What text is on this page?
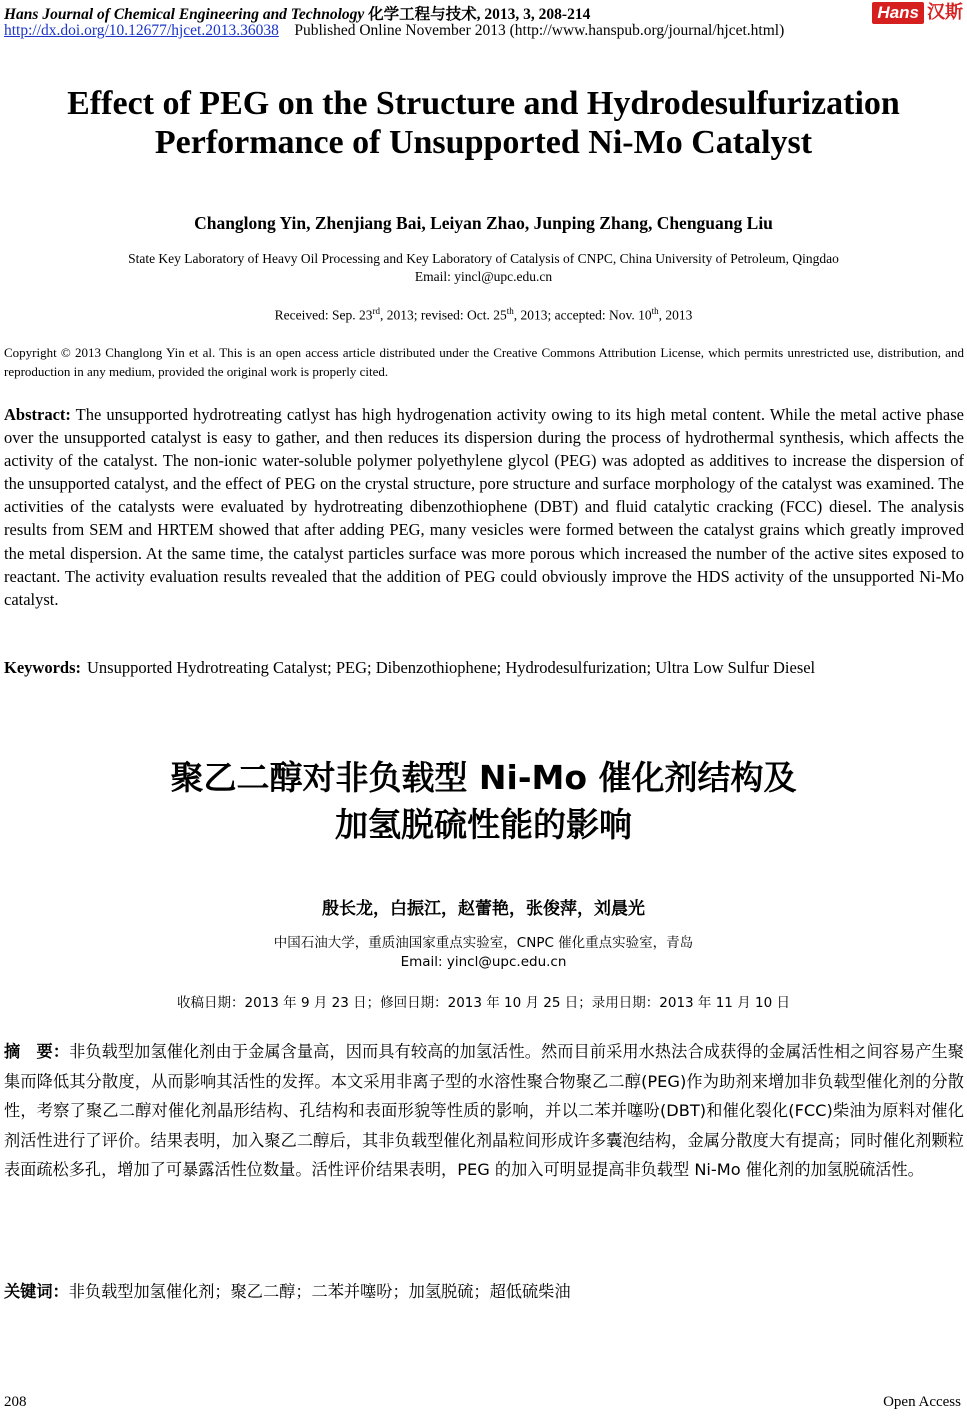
Hans Journal of Chemical Engineering and Technology 化学工程与技术, 2013, 3, 208-214
http://dx.doi.org/10.12677/hjcet.2013.36038 Published Online November 2013 (http://www.hanspub.org/journal/hjcet.html)
Hans 汉斯
Effect of PEG on the Structure and Hydrodesulfurization
Performance of Unsupported Ni-Mo Catalyst
Changlong Yin, Zhenjiang Bai, Leiyan Zhao, Junping Zhang, Chenguang Liu
State Key Laboratory of Heavy Oil Processing and Key Laboratory of Catalysis of CNPC, China University of Petroleum, Qingdao
Email: yincl@upc.edu.cn
Received: Sep. 23rd, 2013; revised: Oct. 25th, 2013; accepted: Nov. 10th, 2013
Copyright © 2013 Changlong Yin et al. This is an open access article distributed under the Creative Commons Attribution License, which permits unrestricted use, distribution, and reproduction in any medium, provided the original work is properly cited.
Abstract: The unsupported hydrotreating catlyst has high hydrogenation activity owing to its high metal content. While the metal active phase over the unsupported catalyst is easy to gather, and then reduces its dispersion during the process of hydrothermal synthesis, which affects the activity of the catalyst. The non-ionic water-soluble polymer polyethylene glycol (PEG) was adopted as additives to increase the dispersion of the unsupported catalyst, and the effect of PEG on the crystal structure, pore structure and surface morphology of the catalyst was examined. The activities of the catalysts were evaluated by hydrotreating dibenzothiophene (DBT) and fluid catalytic cracking (FCC) diesel. The analysis results from SEM and HRTEM showed that after adding PEG, many vesicles were formed between the catalyst grains which greatly improved the metal dispersion. At the same time, the catalyst particles surface was more porous which increased the number of the active sites exposed to reactant. The activity evaluation results revealed that the addition of PEG could obviously improve the HDS activity of the unsupported Ni-Mo catalyst.
Keywords: Unsupported Hydrotreating Catalyst; PEG; Dibenzothiophene; Hydrodesulfurization; Ultra Low Sulfur Diesel
聚乙二醇对非负载型 Ni-Mo 催化剂结构及
加氢脱硫性能的影响
殷长龙，白振江，赵蕾艳，张俊萍，刘晨光
中国石油大学，重质油国家重点实验室，CNPC 催化重点实验室，青岛
Email: yincl@upc.edu.cn
收稿日期：2013 年 9 月 23 日；修回日期：2013 年 10 月 25 日；录用日期：2013 年 11 月 10 日
摘　要：非负载型加氢催化剂由于金属含量高，因而具有较高的加氢活性。然而目前采用水热法合成获得的金属活性相之间容易产生聚集而降低其分散度，从而影响其活性的发挥。本文采用非离子型的水溶性聚合物聚乙二醇(PEG)作为助剂来增加非负载型催化剂的分散性，考察了聚乙二醇对催化剂晶形结构、孔结构和表面形貌等性质的影响，并以二苯并噻吩(DBT)和催化裂化(FCC)柴油为原料对催化剂活性进行了评价。结果表明，加入聚乙二醇后，其非负载型催化剂晶粒间形成许多囊泡结构，金属分散度大有提高；同时催化剂颗粒表面疏松多孔，增加了可暴露活性位数量。活性评价结果表明，PEG 的加入可明显提高非负载型 Ni-Mo 催化剂的加氢脱硫活性。
关键词：非负载型加氢催化剂；聚乙二醇；二苯并噻吩；加氢脱硫；超低硫柴油
208	Open Access
